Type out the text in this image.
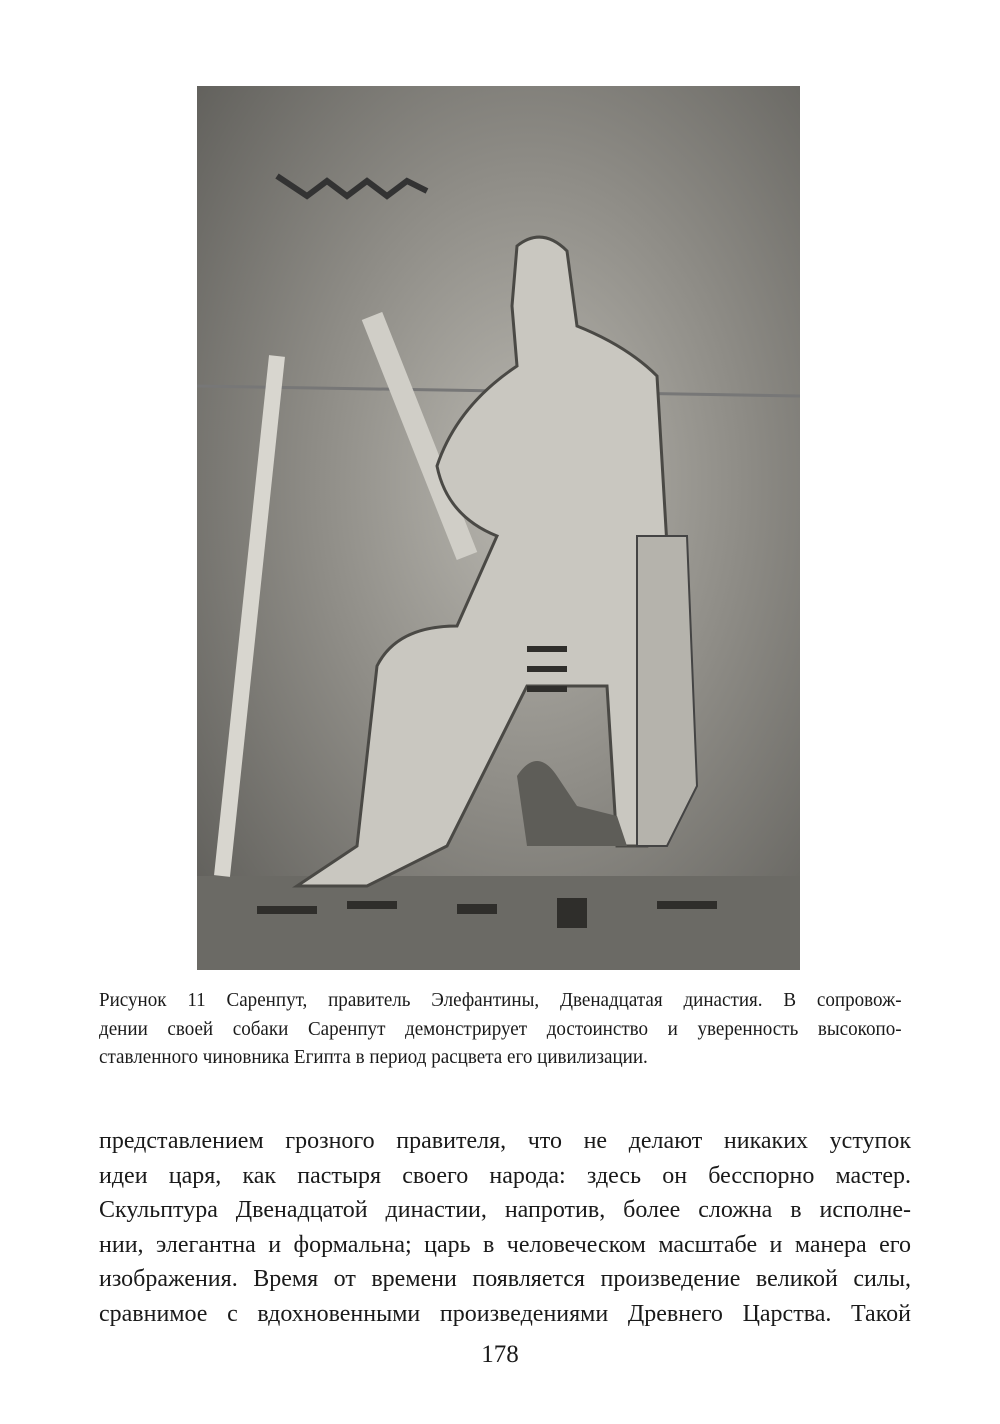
Рисунок 11 Саренпут, правитель Элефантины, Двенадцатая династия. В сопровож-
дении своей собаки Саренпут демонстрирует достоинство и уверенность высокопо-
ставленного чиновника Египта в период расцвета его цивилизации.
представлением грозного правителя, что не делают никаких уступок
идеи царя, как пастыря своего народа: здесь он бесспорно мастер.
Скульптура Двенадцатой династии, напротив, более сложна в исполне-
нии, элегантна и формальна; царь в человеческом масштабе и манера его
изображения. Время от времени появляется произведение великой силы,
сравнимое с вдохновенными произведениями Древнего Царства. Такой
178
